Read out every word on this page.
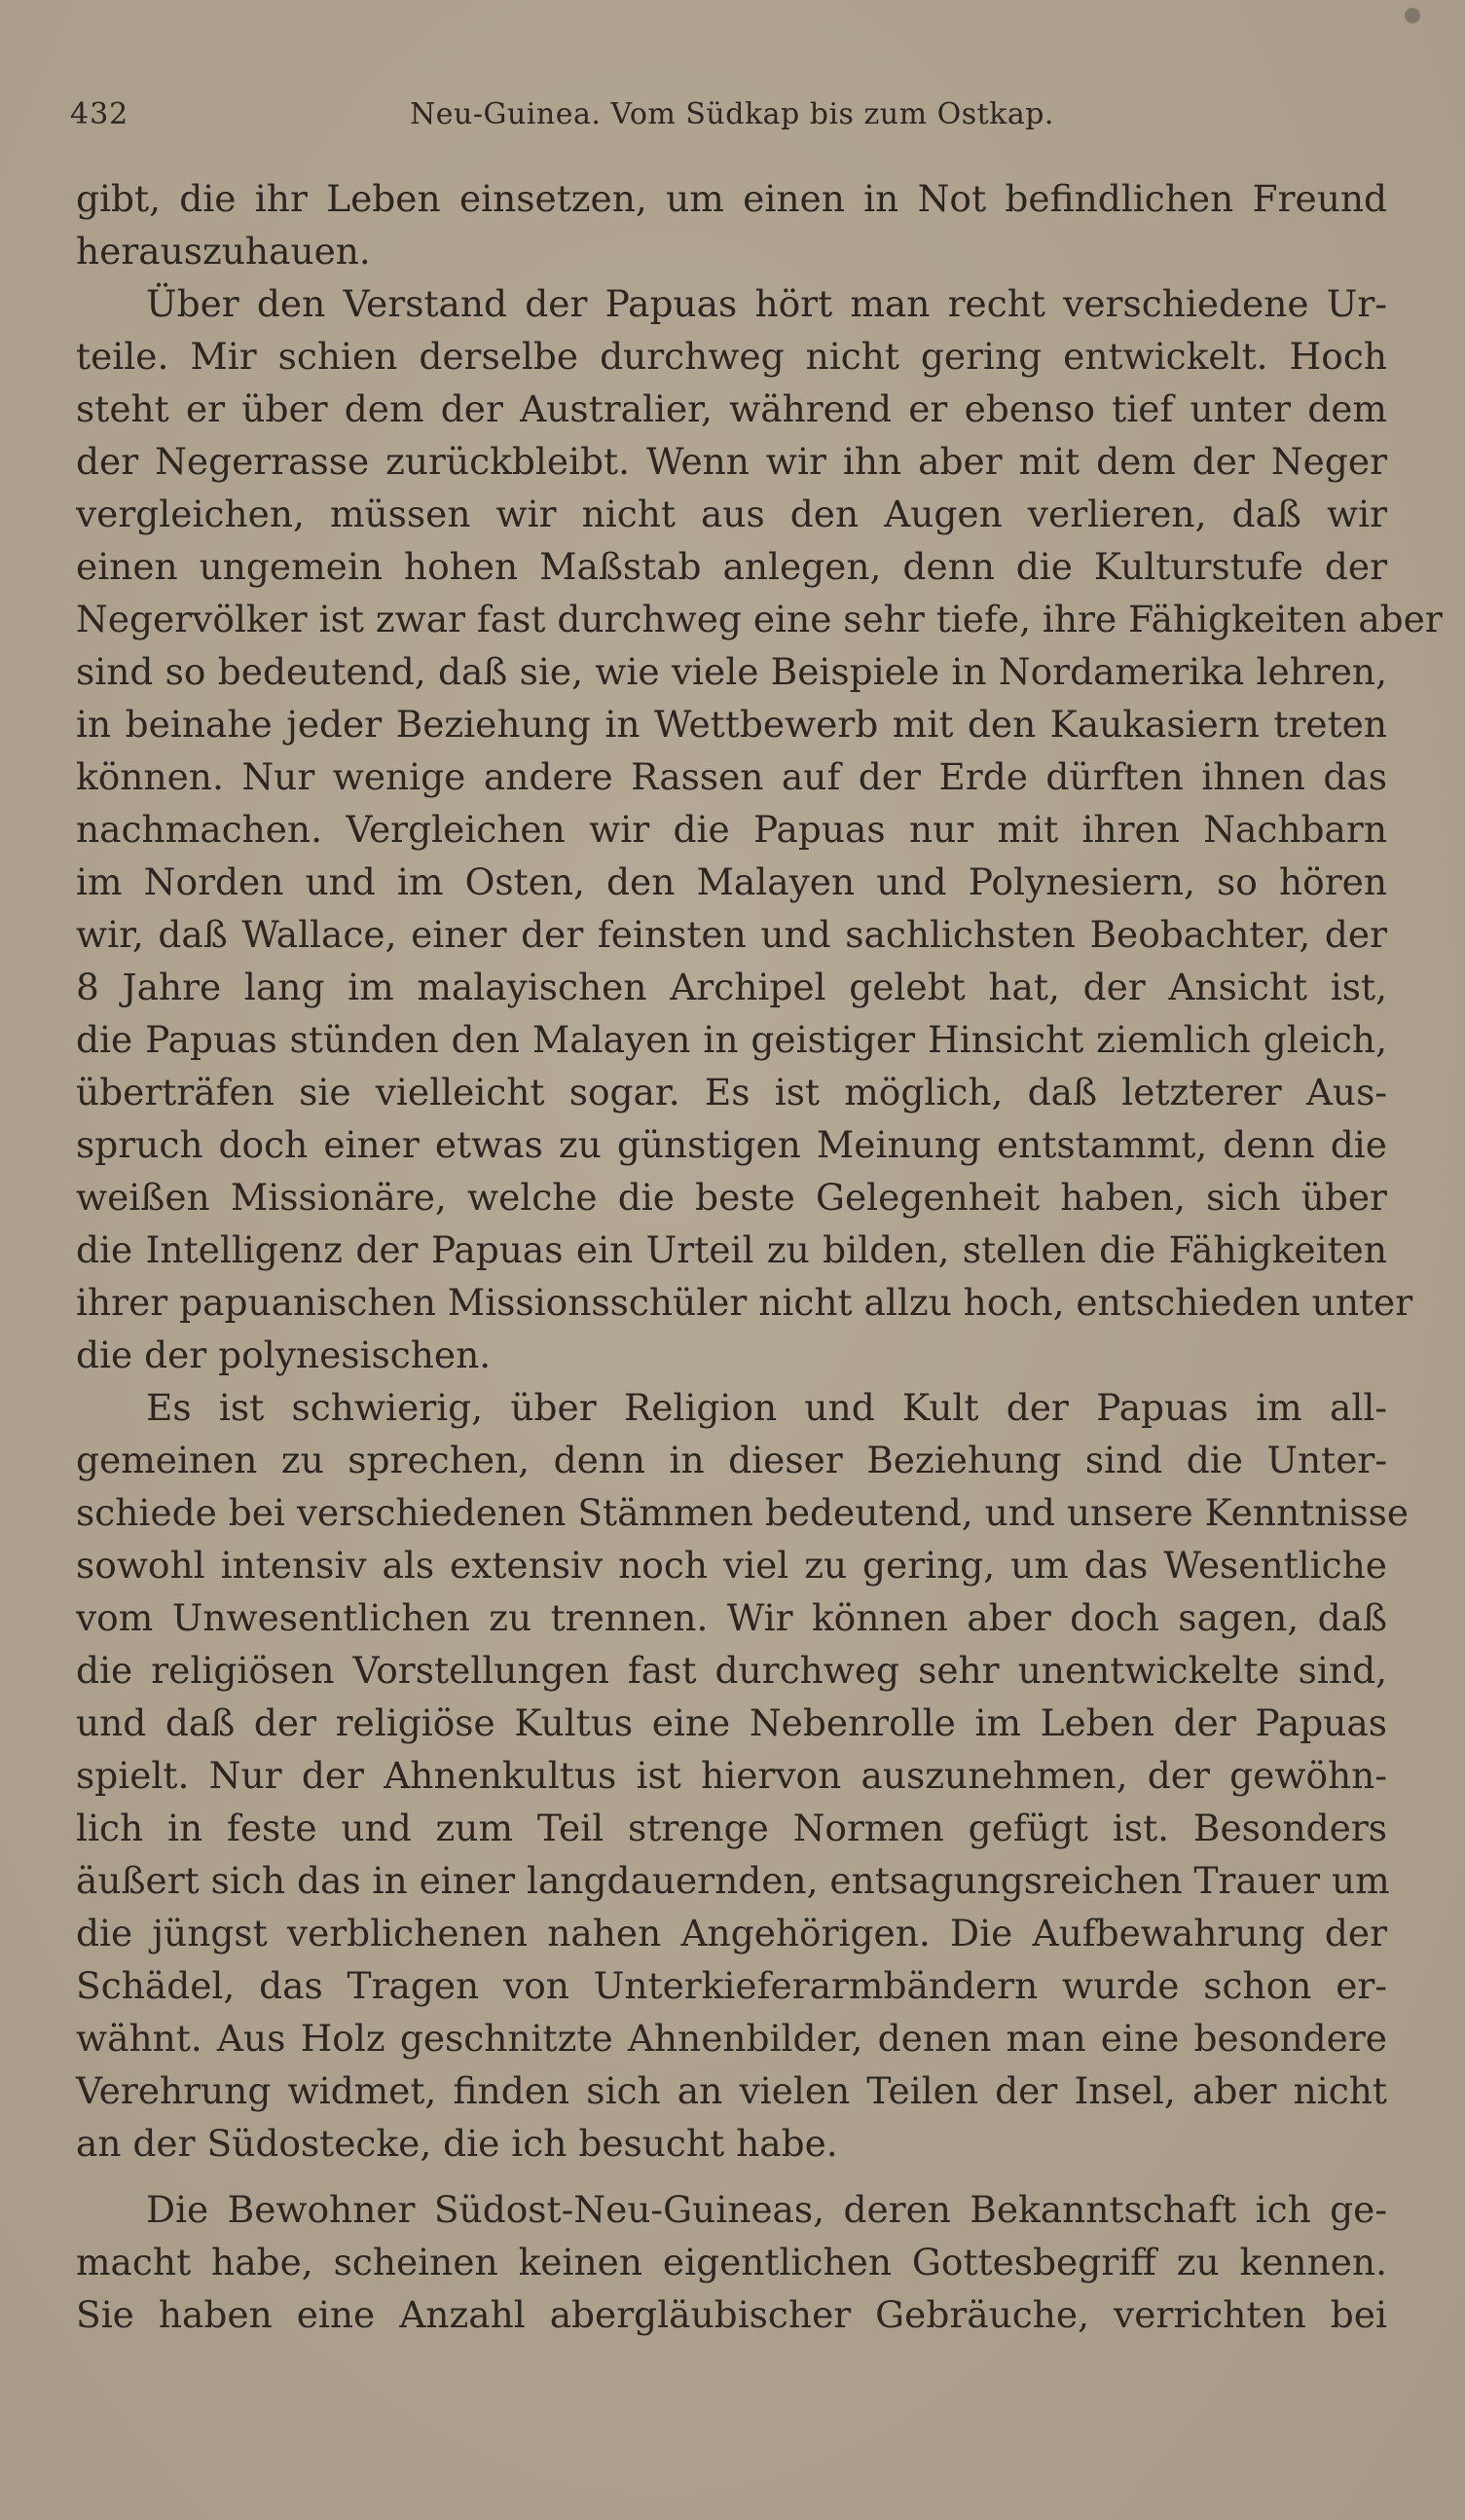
432	Neu-Guinea. Vom Südkap bis zum Ostkap.
gibt, die ihr Leben einsetzen, um einen in Not befindlichen Freund
herauszuhauen.
Über den Verstand der Papuas hört man recht verschiedene Ur-
teile. Mir schien derselbe durchweg nicht gering entwickelt. Hoch
steht er über dem der Australier, während er ebenso tief unter dem
der Negerrasse zurückbleibt. Wenn wir ihn aber mit dem der Neger
vergleichen, müssen wir nicht aus den Augen verlieren, daß wir
einen ungemein hohen Maßstab anlegen, denn die Kulturstufe der
Negervölker ist zwar fast durchweg eine sehr tiefe, ihre Fähigkeiten aber
sind so bedeutend, daß sie, wie viele Beispiele in Nordamerika lehren,
in beinahe jeder Beziehung in Wettbewerb mit den Kaukasiern treten
können. Nur wenige andere Rassen auf der Erde dürften ihnen das
nachmachen. Vergleichen wir die Papuas nur mit ihren Nachbarn
im Norden und im Osten, den Malayen und Polynesiern, so hören
wir, daß Wallace, einer der feinsten und sachlichsten Beobachter, der
8 Jahre lang im malayischen Archipel gelebt hat, der Ansicht ist,
die Papuas stünden den Malayen in geistiger Hinsicht ziemlich gleich,
überträfen sie vielleicht sogar. Es ist möglich, daß letzterer Aus-
spruch doch einer etwas zu günstigen Meinung entstammt, denn die
weißen Missionäre, welche die beste Gelegenheit haben, sich über
die Intelligenz der Papuas ein Urteil zu bilden, stellen die Fähigkeiten
ihrer papuanischen Missionsschüler nicht allzu hoch, entschieden unter
die der polynesischen.
Es ist schwierig, über Religion und Kult der Papuas im all-
gemeinen zu sprechen, denn in dieser Beziehung sind die Unter-
schiede bei verschiedenen Stämmen bedeutend, und unsere Kenntnisse
sowohl intensiv als extensiv noch viel zu gering, um das Wesentliche
vom Unwesentlichen zu trennen. Wir können aber doch sagen, daß
die religiösen Vorstellungen fast durchweg sehr unentwickelte sind,
und daß der religiöse Kultus eine Nebenrolle im Leben der Papuas
spielt. Nur der Ahnenkultus ist hiervon auszunehmen, der gewöhn-
lich in feste und zum Teil strenge Normen gefügt ist. Besonders
äußert sich das in einer langdauernden, entsagungsreichen Trauer um
die jüngst verblichenen nahen Angehörigen. Die Aufbewahrung der
Schädel, das Tragen von Unterkieferarmbändern wurde schon er-
wähnt. Aus Holz geschnitzte Ahnenbilder, denen man eine besondere
Verehrung widmet, finden sich an vielen Teilen der Insel, aber nicht
an der Südostecke, die ich besucht habe.
Die Bewohner Südost-Neu-Guineas, deren Bekanntschaft ich ge-
macht habe, scheinen keinen eigentlichen Gottesbegriff zu kennen.
Sie haben eine Anzahl abergläubischer Gebräuche, verrichten bei
